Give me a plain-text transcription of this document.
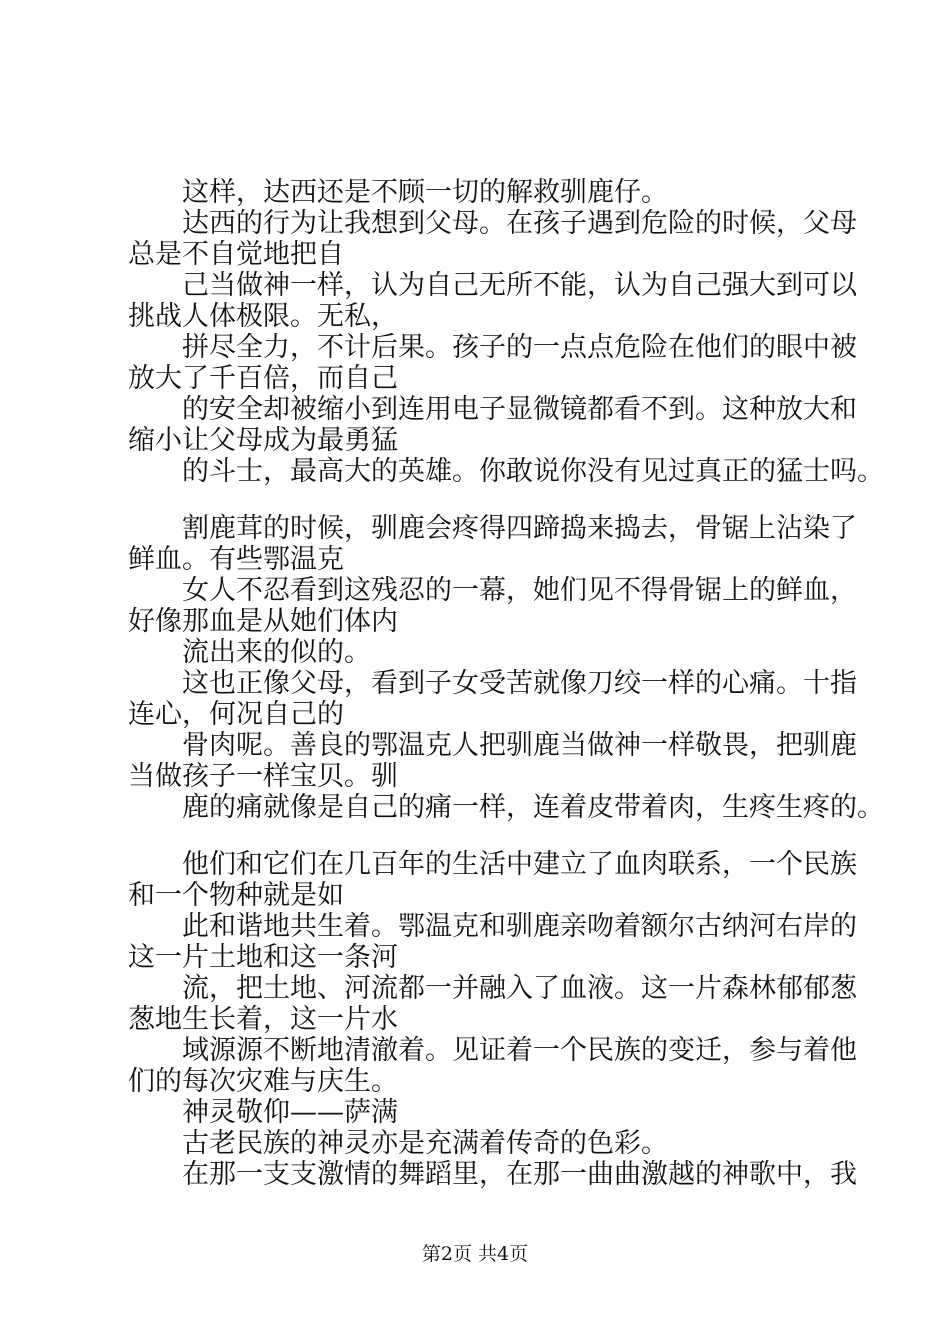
这样，达西还是不顾一切的解救驯鹿仔。
达西的行为让我想到父母。在孩子遇到危险的时候，父母
总是不自觉地把自
己当做神一样，认为自己无所不能，认为自己强大到可以
挑战人体极限。无私，
拼尽全力，不计后果。孩子的一点点危险在他们的眼中被
放大了千百倍，而自己
的安全却被缩小到连用电子显微镜都看不到。这种放大和
缩小让父母成为最勇猛
的斗士，最高大的英雄。你敢说你没有见过真正的猛士吗。
割鹿茸的时候，驯鹿会疼得四蹄捣来捣去，骨锯上沾染了
鲜血。有些鄂温克
女人不忍看到这残忍的一幕，她们见不得骨锯上的鲜血，
好像那血是从她们体内
流出来的似的。
这也正像父母，看到子女受苦就像刀绞一样的心痛。十指
连心，何况自己的
骨肉呢。善良的鄂温克人把驯鹿当做神一样敬畏，把驯鹿
当做孩子一样宝贝。驯
鹿的痛就像是自己的痛一样，连着皮带着肉，生疼生疼的。
他们和它们在几百年的生活中建立了血肉联系，一个民族
和一个物种就是如
此和谐地共生着。鄂温克和驯鹿亲吻着额尔古纳河右岸的
这一片土地和这一条河
流，把土地、河流都一并融入了血液。这一片森林郁郁葱
葱地生长着，这一片水
域源源不断地清澈着。见证着一个民族的变迁，参与着他
们的每次灾难与庆生。
神灵敬仰——萨满
古老民族的神灵亦是充满着传奇的色彩。
在那一支支激情的舞蹈里，在那一曲曲激越的神歌中，我
第2页 共4页
